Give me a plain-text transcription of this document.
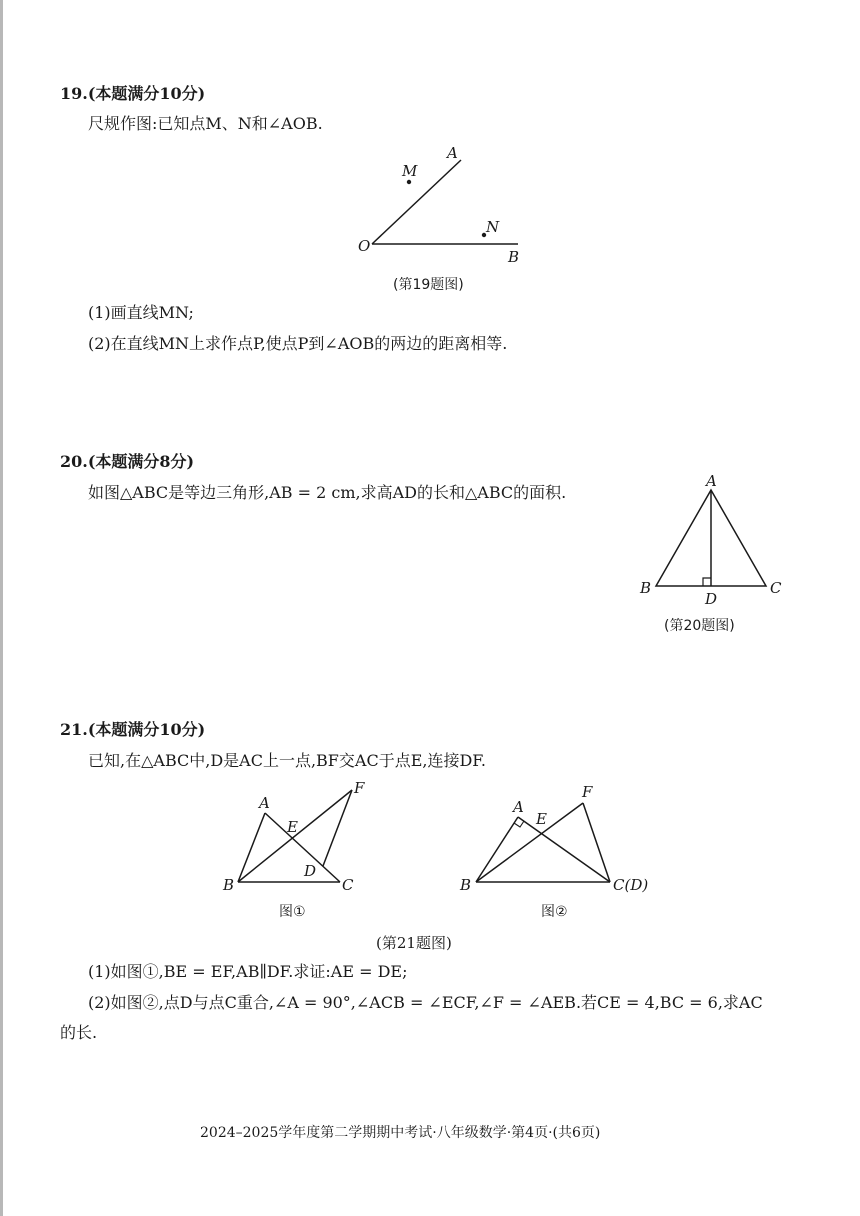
19.(本题满分10分)
尺规作图:已知点M、N和∠AOB.
A
M
N
O
B
(第19题图)
(1)画直线MN;
(2)在直线MN上求作点P,使点P到∠AOB的两边的距离相等.
20.(本题满分8分)
如图△ABC是等边三角形,AB = 2 cm,求高AD的长和△ABC的面积.
A
B	C
D
(第20题图)
21.(本题满分10分)
已知,在△ABC中,D是AC上一点,BF交AC于点E,连接DF.
A
E
F
B
D
C
图①
A
E
F
B	C(D)
图②
(第21题图)
(1)如图①,BE = EF,AB∥DF.求证:AE = DE;
(2)如图②,点D与点C重合,∠A = 90°,∠ACB = ∠ECF,∠F = ∠AEB.若CE = 4,BC = 6,求AC
的长.
2024–2025学年度第二学期期中考试·八年级数学·第4页·(共6页)
